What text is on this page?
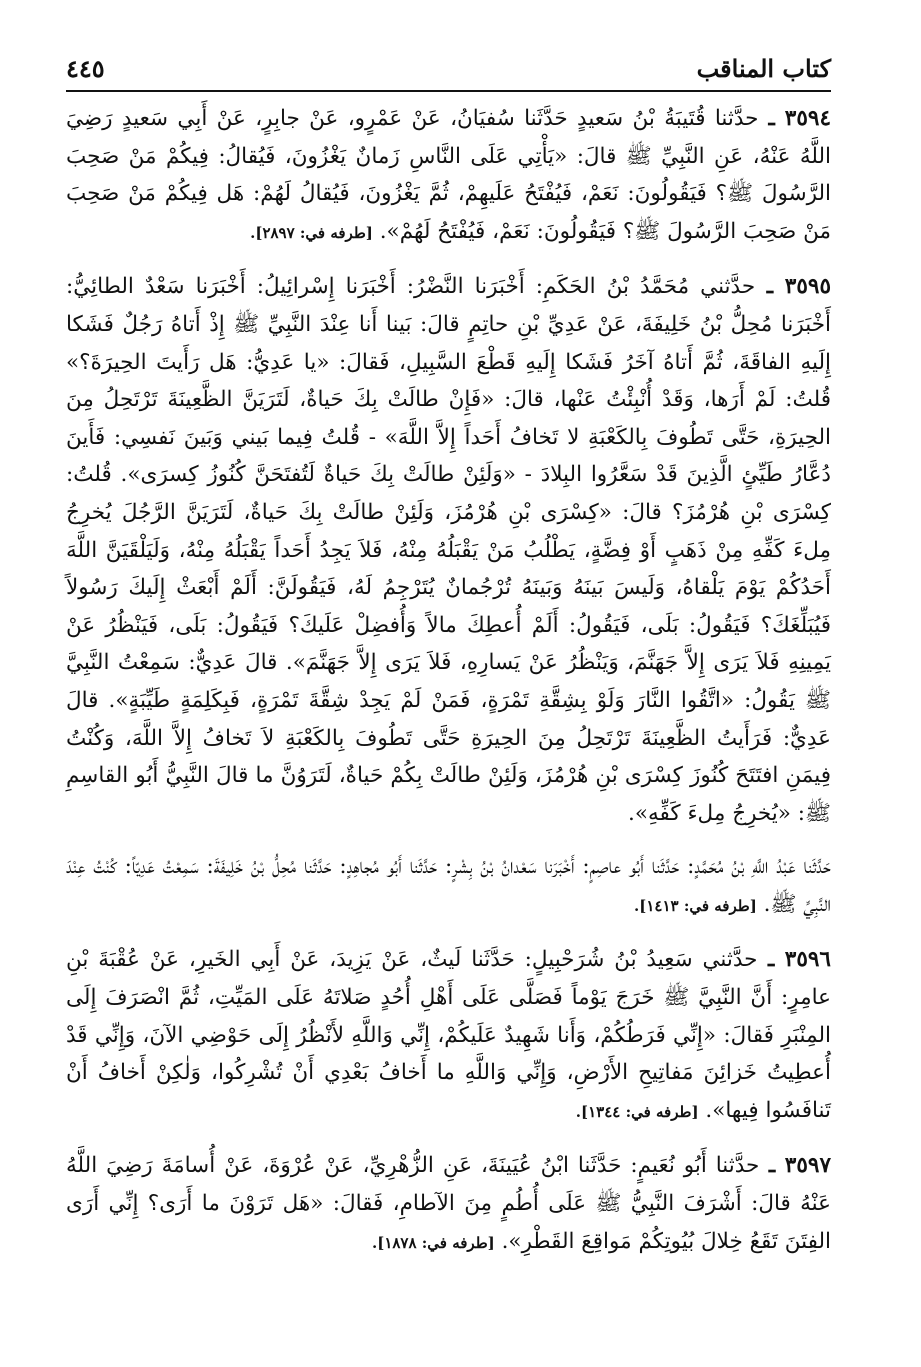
كتاب المناقب
٤٤٥

٣٥٩٤ ـ حدَّثنا قُتَيبَةُ بْنُ سَعيدٍ حَدَّثَنا سُفيَانُ، عَنْ عَمْرٍو، عَنْ جابِرٍ، عَنْ أَبِي سَعيدٍ رَضِيَ اللَّهُ عَنْهُ، عَنِ النَّبِيِّ ﷺ قالَ: «يَأْتِي عَلَى النَّاسِ زَمانٌ يَغْزُونَ، فَيُقالُ: فِيكُمْ مَنْ صَحِبَ الرَّسُولَ ﷺ؟ فَيَقُولُونَ: نَعَمْ، فَيُفْتَحُ عَلَيهِمْ، ثُمَّ يَغْزُونَ، فَيُقالُ لَهُمْ: هَل فِيكُمْ مَنْ صَحِبَ مَنْ صَحِبَ الرَّسُولَ ﷺ؟ فَيَقُولُونَ: نَعَمْ، فَيُفْتَحُ لَهُمْ». [طرفه في: ٢٨٩٧].

٣٥٩٥ ـ حدَّثني مُحَمَّدُ بْنُ الحَكَمِ: أَخْبَرَنا النَّضْرُ: أَخْبَرَنا إِسْرائِيلُ: أَخْبَرَنا سَعْدٌ الطائِيُّ: أَخْبَرَنا مُحِلُّ بْنُ خَلِيفَةَ، عَنْ عَدِيِّ بْنِ حاتِمٍ قالَ: بَينا أَنا عِنْدَ النَّبِيِّ ﷺ إِذْ أَتاهُ رَجُلٌ فَشَكا إِلَيهِ الفاقَةَ، ثُمَّ أَتاهُ آخَرُ فَشَكا إِلَيهِ قَطْعَ السَّبِيلِ، فَقالَ: «يا عَدِيُّ: هَل رَأَيتَ الحِيرَةَ؟» قُلتُ: لَمْ أَرَها، وَقَدْ أُنْبِئْتُ عَنْها، قالَ: «فَإِنْ طالَتْ بِكَ حَياةٌ، لَتَرَيَنَّ الظَّعِينَةَ تَرْتَحِلُ مِنَ الحِيرَةِ، حَتَّى تَطُوفَ بِالكَعْبَةِ لا تَخافُ أَحَداً إِلاَّ اللَّهَ» - قُلتُ فِيما بَيني وَبَينَ نَفسِي: فَأَينَ دُعَّارُ طَيِّئٍ الَّذِينَ قَدْ سَعَّرُوا البِلادَ - «وَلَئِنْ طالَتْ بِكَ حَياةٌ لَتُفتَحَنَّ كُنُوزُ كِسرَى». قُلتُ: كِسْرَى بْنِ هُرْمُزَ؟ قالَ: «كِسْرَى بْنِ هُرْمُزَ، وَلَئِنْ طالَتْ بِكَ حَياةٌ، لَتَرَيَنَّ الرَّجُلَ يُخرِجُ مِلءَ كَفِّهِ مِنْ ذَهَبٍ أَوْ فِضَّةٍ، يَطْلُبُ مَنْ يَقْبَلُهُ مِنْهُ، فَلاَ يَجِدُ أَحَداً يَقْبَلُهُ مِنْهُ، وَلَيَلْقَيَنَّ اللَّهَ أَحَدُكُمْ يَوْمَ يَلْقاهُ، وَلَيسَ بَينَهُ وَبَينَهُ تُرْجُمانٌ يُتَرْجِمُ لَهُ، فَيَقُولَنَّ: أَلَمْ أَبْعَثْ إِلَيكَ رَسُولاً فَيُبَلِّغَكَ؟ فَيَقُولُ: بَلَى، فَيَقُولُ: أَلَمْ أُعطِكَ مالاً وَأُفضِلْ عَلَيكَ؟ فَيَقُولُ: بَلَى، فَيَنْظُرُ عَنْ يَمِينِهِ فَلاَ يَرَى إِلاَّ جَهَنَّمَ، وَيَنْظُرُ عَنْ يَسارِهِ، فَلاَ يَرَى إِلاَّ جَهَنَّمَ». قالَ عَدِيٌّ: سَمِعْتُ النَّبِيَّ ﷺ يَقُولُ: «اتَّقُوا النَّارَ وَلَوْ بِشِقَّةِ تَمْرَةٍ، فَمَنْ لَمْ يَجِدْ شِقَّةَ تَمْرَةٍ، فَبِكَلِمَةٍ طَيِّبَةٍ». قالَ عَدِيٌّ: فَرَأَيتُ الظَّعِينَةَ تَرْتَحِلُ مِنَ الحِيرَةِ حَتَّى تَطُوفَ بِالكَعْبَةِ لاَ تَخافُ إِلاَّ اللَّهَ، وَكُنْتُ فِيمَنِ افتَتَحَ كُنُوزَ كِسْرَى بْنِ هُرْمُزَ، وَلَئِنْ طالَتْ بِكُمْ حَياةٌ، لَتَرَوُنَّ ما قالَ النَّبِيُّ أَبُو القاسِمِ ﷺ: «يُخرِجُ مِلءَ كَفِّهِ».

حَدَّثَنا عَبْدُ اللَّهِ بْنُ مُحَمَّدٍ: حَدَّثَنا أَبُو عاصِمٍ: أَخْبَرَنا سَعْدانُ بْنُ بِشْرٍ: حَدَّثَنا أَبُو مُجاهِدٍ: حَدَّثَنا مُحِلُّ بْنُ خَلِيفَةَ: سَمِعْتُ عَدِيّاً: كُنْتُ عِنْدَ النَّبِيِّ ﷺ. [طرفه في: ١٤١٣].

٣٥٩٦ ـ حدَّثني سَعِيدُ بْنُ شُرَحْبِيلٍ: حَدَّثَنا لَيثٌ، عَنْ يَزِيدَ، عَنْ أَبِي الخَيرِ، عَنْ عُقْبَةَ بْنِ عامِرٍ: أَنَّ النَّبِيَّ ﷺ خَرَجَ يَوْماً فَصَلَّى عَلَى أَهْلِ أُحُدٍ صَلاتَهُ عَلَى المَيِّتِ، ثُمَّ انْصَرَفَ إِلَى المِنْبَرِ فَقالَ: «إِنِّي فَرَطُكُمْ، وَأَنا شَهِيدٌ عَلَيكُمْ، إِنِّي وَاللَّهِ لأَنْظُرُ إِلَى حَوْضِي الآنَ، وَإِنِّي قَدْ أُعطِيتُ خَزائِنَ مَفاتِيحِ الأَرْضِ، وَإِنِّي وَاللَّهِ ما أَخافُ بَعْدِي أَنْ تُشْرِكُوا، وَلٰكِنْ أَخافُ أَنْ تَنافَسُوا فِيها». [طرفه في: ١٣٤٤].

٣٥٩٧ ـ حدَّثنا أَبُو نُعَيمٍ: حَدَّثَنا ابْنُ عُيَينَةَ، عَنِ الزُّهْرِيِّ، عَنْ عُرْوَةَ، عَنْ أُسامَةَ رَضِيَ اللَّهُ عَنْهُ قالَ: أَشْرَفَ النَّبِيُّ ﷺ عَلَى أُطُمٍ مِنَ الآطامِ، فَقالَ: «هَل تَرَوْنَ ما أَرَى؟ إِنِّي أَرَى الفِتَنَ تَقَعُ خِلالَ بُيُوتِكُمْ مَواقِعَ القَطْرِ». [طرفه في: ١٨٧٨].
